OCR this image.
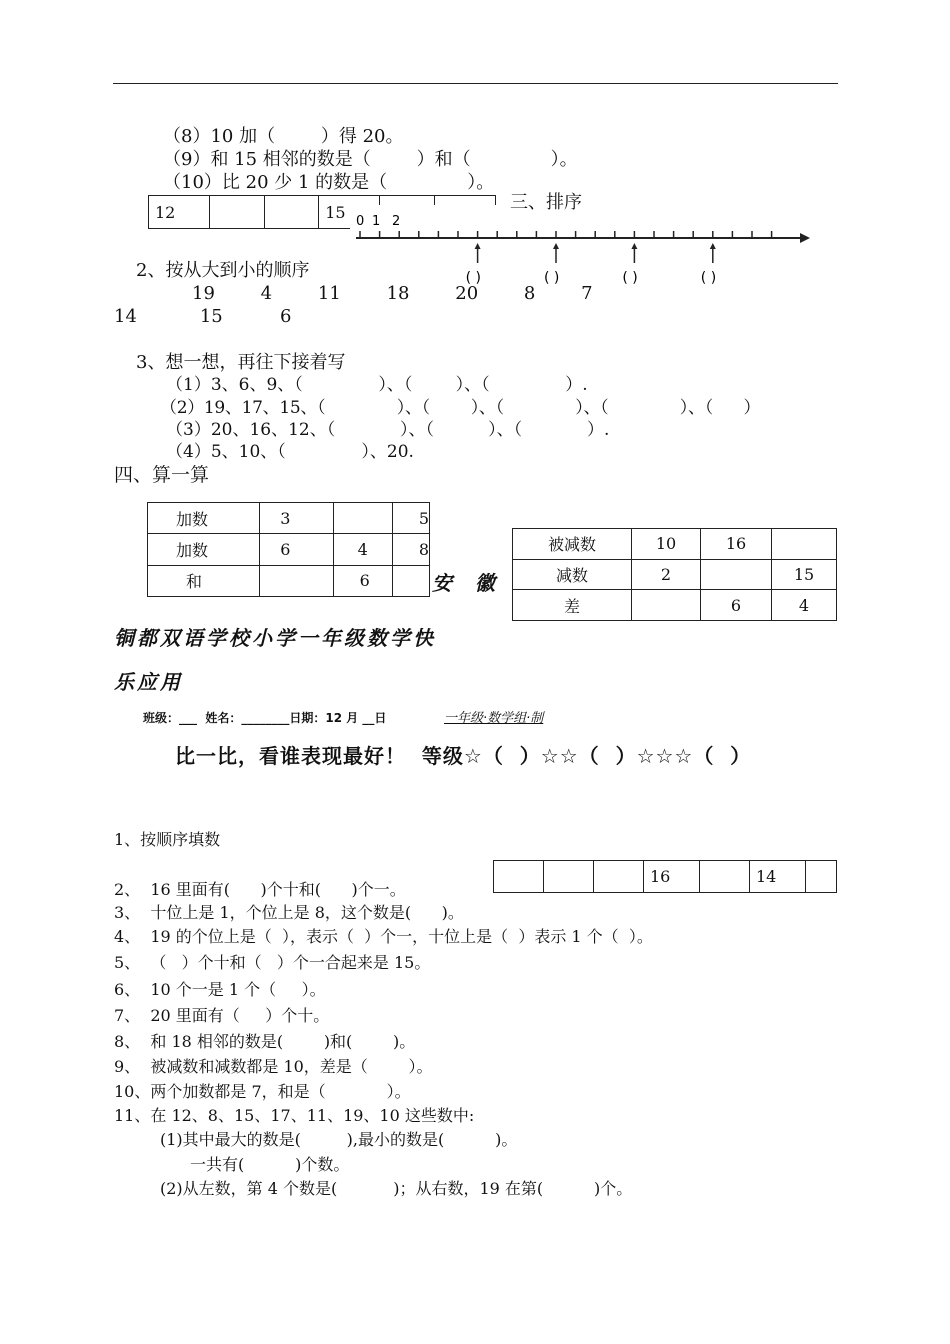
（8）10 加（        ）得 20。
（9）和 15 相邻的数是（        ）和（              ）。
（10）比 20 少 1 的数是（              ）。
12			15			三、排序
0 1 2
( )	( )	( )	( )
2、按从大到小的顺序
19        4        11        18        20        8        7
14           15          6
3、想一想，再往下接着写
（1）3、6、9、（              ）、（        ）、（              ）.
（2）19、17、15、（              ）、（        ）、（              ）、（              ）、（      ）
（3）20、16、12、（            ）、（          ）、（            ）.
（4）5、10、（              ）、20.
四、算一算
加数	3		5
加数	6	4	8
和		6	
被减数	10	16	
减数	2		15
差		6	4
安  徽
铜都双语学校小学一年级数学快
乐应用
班级：___  姓名：________日期：12 月 __日	一年级·数学组·制
比一比，看谁表现最好！  等级☆（  ）☆☆（  ）☆☆☆（  ）
1、按顺序填数
			16		14	
2、  16 里面有(      )个十和(      )个一。
3、  十位上是 1，个位上是 8，这个数是(      )。
4、  19 的个位上是（  ），表示（  ）个一，十位上是（  ）表示 1 个（  ）。
5、  （   ）个十和（   ）个一合起来是 15。
6、  10 个一是 1 个（     ）。
7、  20 里面有（     ）个十。
8、  和 18 相邻的数是(        )和(        )。
9、  被减数和减数都是 10，差是（        ）。
10、两个加数都是 7，和是（            ）。
11、在 12、8、15、17、11、19、10 这些数中:
(1)其中最大的数是(         ),最小的数是(          )。
一共有(          )个数。
(2)从左数，第 4 个数是(           )；从右数，19 在第(          )个。
